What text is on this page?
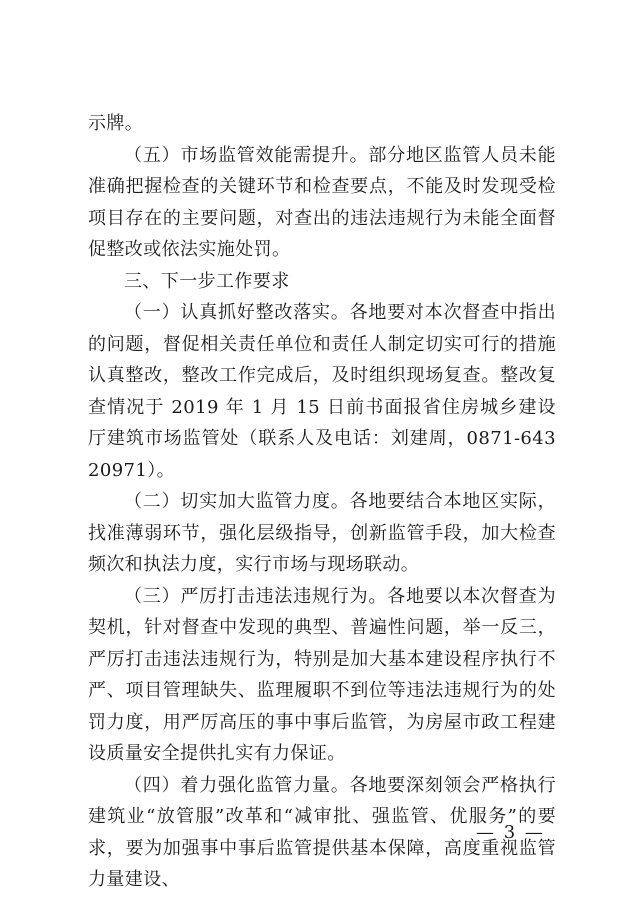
示牌。

（五）市场监管效能需提升。部分地区监管人员未能准确把握检查的关键环节和检查要点，不能及时发现受检项目存在的主要问题，对查出的违法违规行为未能全面督促整改或依法实施处罚。

三、下一步工作要求

（一）认真抓好整改落实。各地要对本次督查中指出的问题，督促相关责任单位和责任人制定切实可行的措施认真整改，整改工作完成后，及时组织现场复查。整改复查情况于 2019 年 1 月 15 日前书面报省住房城乡建设厅建筑市场监管处（联系人及电话：刘建周，0871-64320971）。

（二）切实加大监管力度。各地要结合本地区实际，找准薄弱环节，强化层级指导，创新监管手段，加大检查频次和执法力度，实行市场与现场联动。

（三）严厉打击违法违规行为。各地要以本次督查为契机，针对督查中发现的典型、普遍性问题，举一反三，严厉打击违法违规行为，特别是加大基本建设程序执行不严、项目管理缺失、监理履职不到位等违法违规行为的处罚力度，用严厉高压的事中事后监管，为房屋市政工程建设质量安全提供扎实有力保证。

（四）着力强化监管力量。各地要深刻领会严格执行建筑业“放管服”改革和“减审批、强监管、优服务”的要求，要为加强事中事后监管提供基本保障，高度重视监管力量建设、

— 3 —
